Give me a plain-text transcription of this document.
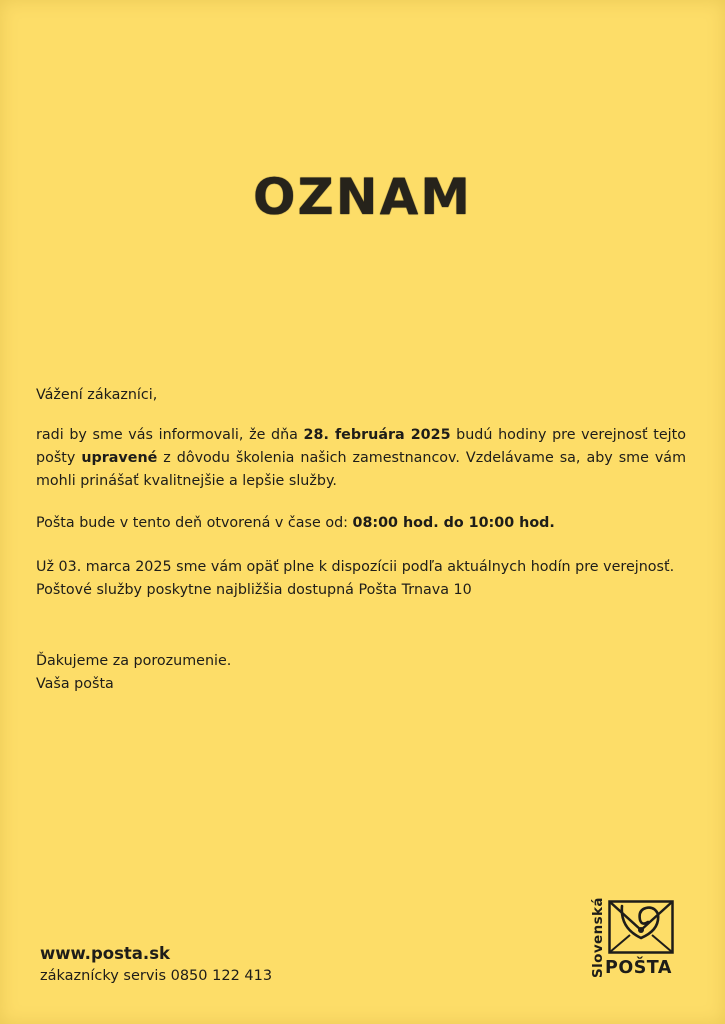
OZNAM
Vážení zákazníci,
radi by sme vás informovali, že dňa 28. februára 2025 budú hodiny pre verejnosť tejto pošty upravené z dôvodu školenia našich zamestnancov. Vzdelávame sa, aby sme vám mohli prinášať kvalitnejšie a lepšie služby.
Pošta bude v tento deň otvorená v čase od: 08:00 hod. do 10:00 hod.
Už 03. marca 2025 sme vám opäť plne k dispozícii podľa aktuálnych hodín pre verejnosť.
Poštové služby poskytne najbližšia dostupná Pošta Trnava 10
Ďakujeme za porozumenie.
Vaša pošta
www.posta.sk
zákaznícky servis 0850 122 413	Slovenská POŠTA
